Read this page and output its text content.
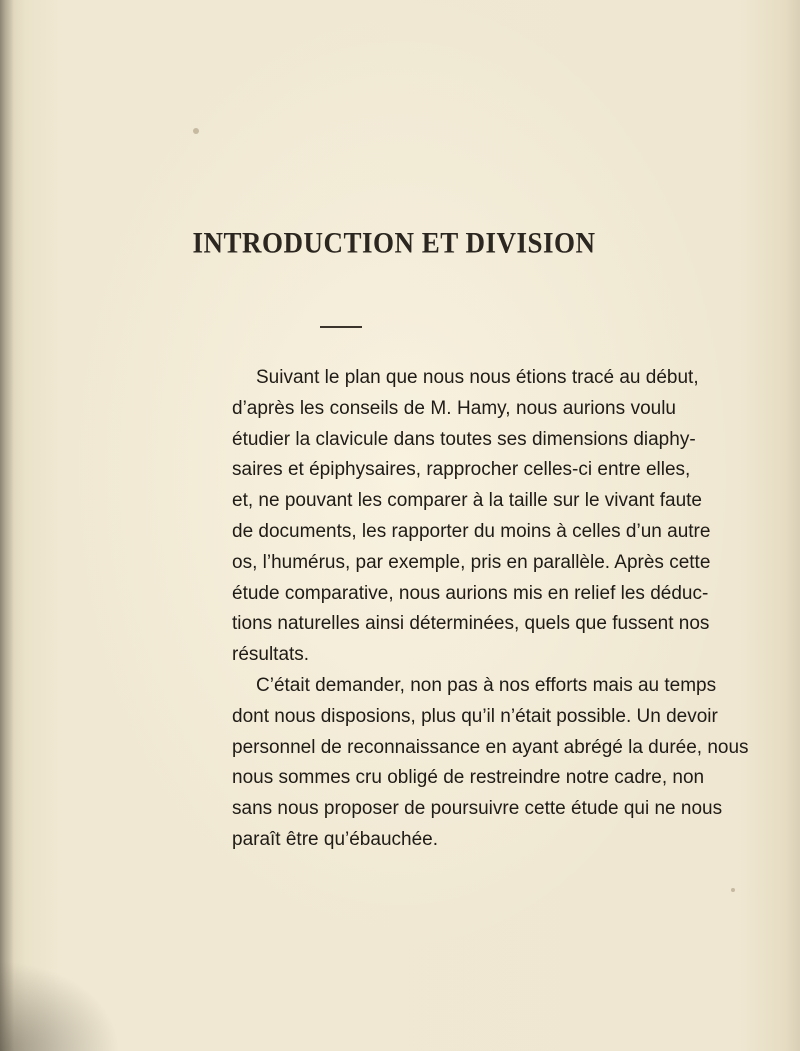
INTRODUCTION ET DIVISION
Suivant le plan que nous nous étions tracé au début,
d’après les conseils de M. Hamy, nous aurions voulu
étudier la clavicule dans toutes ses dimensions diaphy-
saires et épiphysaires, rapprocher celles-ci entre elles,
et, ne pouvant les comparer à la taille sur le vivant faute
de documents, les rapporter du moins à celles d’un autre
os, l’humérus, par exemple, pris en parallèle. Après cette
étude comparative, nous aurions mis en relief les déduc-
tions naturelles ainsi déterminées, quels que fussent nos
résultats.
C’était demander, non pas à nos efforts mais au temps
dont nous disposions, plus qu’il n’était possible. Un devoir
personnel de reconnaissance en ayant abrégé la durée, nous
nous sommes cru obligé de restreindre notre cadre, non
sans nous proposer de poursuivre cette étude qui ne nous
paraît être qu’ébauchée.
